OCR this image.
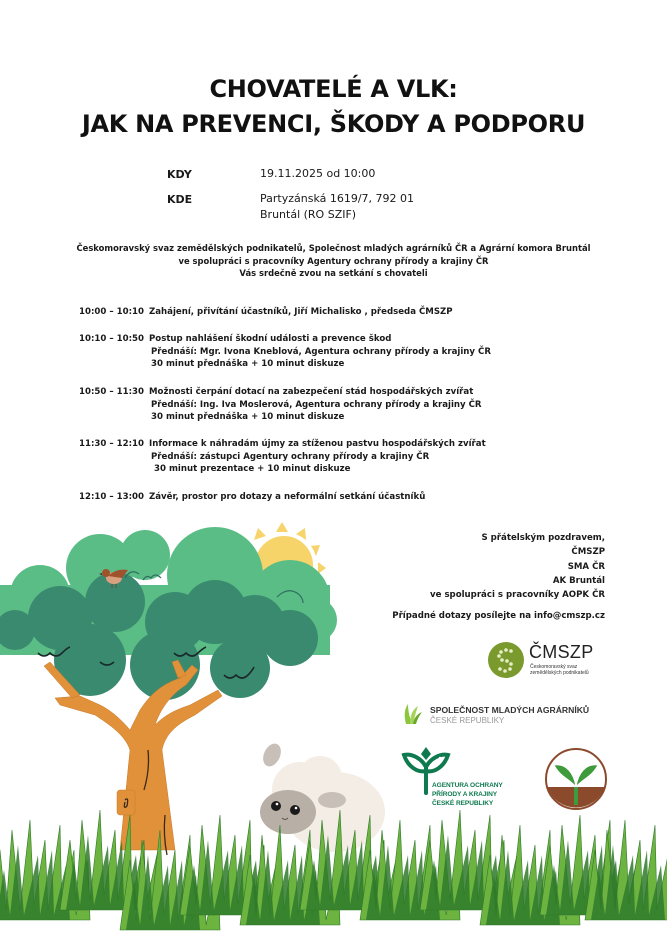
CHOVATELÉ A VLK:
JAK NA PREVENCI, ŠKODY A PODPORU
KDY	19.11.2025 od 10:00
KDE	Partyzánská 1619/7, 792 01
Bruntál (RO SZIF)
Českomoravský svaz zemědělských podnikatelů, Společnost mladých agrárníků ČR a Agrární komora Bruntál
ve spolupráci s pracovníky Agentury ochrany přírody a krajiny ČR
Vás srdečně zvou na setkání s chovateli
10:00 – 10:10 Zahájení, přivítání účastníků, Jiří Michalisko , předseda ČMSZP
10:10 – 10:50 Postup nahlášení škodní události a prevence škod
Přednáší: Mgr. Ivona Kneblová, Agentura ochrany přírody a krajiny ČR
30 minut přednáška + 10 minut diskuze
10:50 – 11:30 Možnosti čerpání dotací na zabezpečení stád hospodářských zvířat
Přednáší: Ing. Iva Moslerová, Agentura ochrany přírody a krajiny ČR
30 minut přednáška + 10 minut diskuze
11:30 – 12:10 Informace k náhradám újmy za stíženou pastvu hospodářských zvířat
Přednáší: zástupci Agentury ochrany přírody a krajiny ČR
30 minut prezentace + 10 minut diskuze
12:10 – 13:00 Závěr, prostor pro dotazy a neformální setkání účastníků
S přátelským pozdravem,
ČMSZP
SMA ČR
AK Bruntál
ve spolupráci s pracovníky AOPK ČR
Případné dotazy posílejte na info@cmszp.cz
ČMSZP
Českomoravský svaz
zemědělských podnikatelů
SPOLEČNOST MLADÝCH AGRÁRNÍKŮ
ČESKÉ REPUBLIKY
AGENTURA OCHRANY
PŘÍRODY A KRAJINY
ČESKÉ REPUBLIKY
